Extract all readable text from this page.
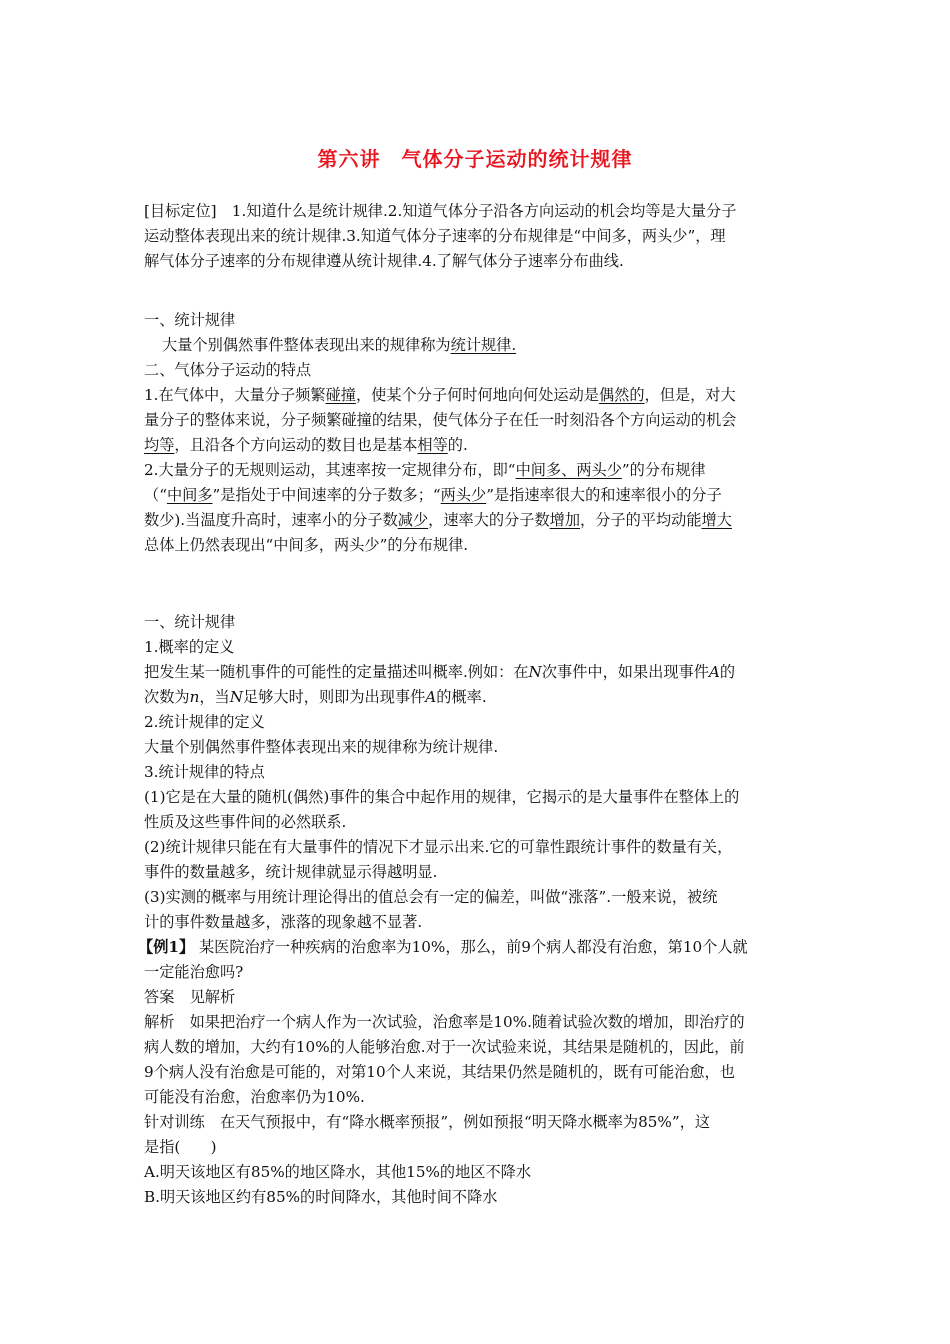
第六讲　气体分子运动的统计规律
[目标定位]　1.知道什么是统计规律.2.知道气体分子沿各方向运动的机会均等是大量分子
运动整体表现出来的统计规律.3.知道气体分子速率的分布规律是“中间多，两头少”，理
解气体分子速率的分布规律遵从统计规律.4.了解气体分子速率分布曲线.
一、统计规律
大量个别偶然事件整体表现出来的规律称为统计规律.
二、气体分子运动的特点
1.在气体中，大量分子频繁碰撞，使某个分子何时何地向何处运动是偶然的，但是，对大
量分子的整体来说，分子频繁碰撞的结果，使气体分子在任一时刻沿各个方向运动的机会
均等，且沿各个方向运动的数目也是基本相等的.
2.大量分子的无规则运动，其速率按一定规律分布，即“中间多、两头少”的分布规律
（“中间多”是指处于中间速率的分子数多；“两头少”是指速率很大的和速率很小的分子
数少).当温度升高时，速率小的分子数减少，速率大的分子数增加，分子的平均动能增大
总体上仍然表现出“中间多，两头少”的分布规律.
一、统计规律
1.概率的定义
把发生某一随机事件的可能性的定量描述叫概率.例如：在N次事件中，如果出现事件A的
次数为n，当N足够大时，则即为出现事件A的概率.
2.统计规律的定义
大量个别偶然事件整体表现出来的规律称为统计规律.
3.统计规律的特点
(1)它是在大量的随机(偶然)事件的集合中起作用的规律，它揭示的是大量事件在整体上的
性质及这些事件间的必然联系.
(2)统计规律只能在有大量事件的情况下才显示出来.它的可靠性跟统计事件的数量有关，
事件的数量越多，统计规律就显示得越明显.
(3)实测的概率与用统计理论得出的值总会有一定的偏差，叫做“涨落”.一般来说，被统
计的事件数量越多，涨落的现象越不显著.
【例1】 某医院治疗一种疾病的治愈率为10%，那么，前9个病人都没有治愈，第10个人就
一定能治愈吗?
答案　见解析
解析　如果把治疗一个病人作为一次试验，治愈率是10%.随着试验次数的增加，即治疗的
病人数的增加，大约有10%的人能够治愈.对于一次试验来说，其结果是随机的，因此，前
9个病人没有治愈是可能的，对第10个人来说，其结果仍然是随机的，既有可能治愈，也
可能没有治愈，治愈率仍为10%.
针对训练　在天气预报中，有“降水概率预报”，例如预报“明天降水概率为85%”，这
是指(　　)
A.明天该地区有85%的地区降水，其他15%的地区不降水
B.明天该地区约有85%的时间降水，其他时间不降水
